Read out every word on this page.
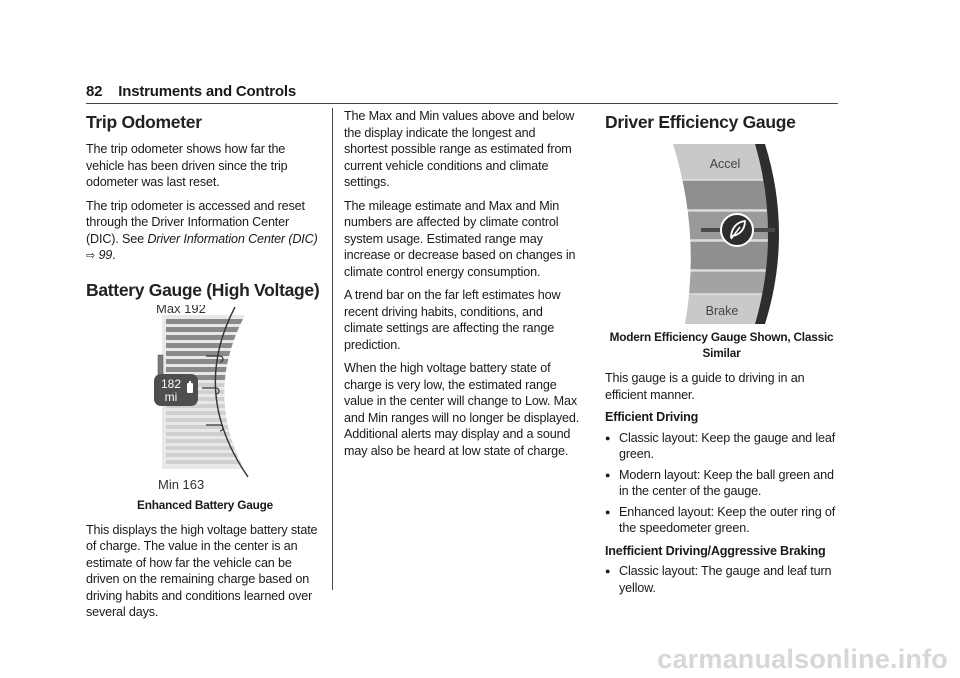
82 Instruments and Controls
Trip Odometer

The trip odometer shows how far the vehicle has been driven since the trip odometer was last reset.

The trip odometer is accessed and reset through the Driver Information Center (DIC). See Driver Information Center (DIC) ⇨ 99.

Battery Gauge (High Voltage)
182
mi
Max 192
Min 163
Enhanced Battery Gauge

This displays the high voltage battery state of charge. The value in the center is an estimate of how far the vehicle can be driven on the remaining charge based on driving habits and conditions learned over several days.

The Max and Min values above and below the display indicate the longest and shortest possible range as estimated from current vehicle conditions and climate settings.

The mileage estimate and Max and Min numbers are affected by climate control system usage. Estimated range may increase or decrease based on changes in climate control energy consumption.

A trend bar on the far left estimates how recent driving habits, conditions, and climate settings are affecting the range prediction.

When the high voltage battery state of charge is very low, the estimated range value in the center will change to Low. Max and Min ranges will no longer be displayed. Additional alerts may display and a sound may also be heard at low state of charge.

Driver Efficiency Gauge
Accel
Brake
Modern Efficiency Gauge Shown, Classic Similar

This gauge is a guide to driving in an efficient manner.

Efficient Driving
● Classic layout: Keep the gauge and leaf green.
● Modern layout: Keep the ball green and in the center of the gauge.
● Enhanced layout: Keep the outer ring of the speedometer green.
Inefficient Driving/Aggressive Braking
● Classic layout: The gauge and leaf turn yellow.
carmanualsonline.info
